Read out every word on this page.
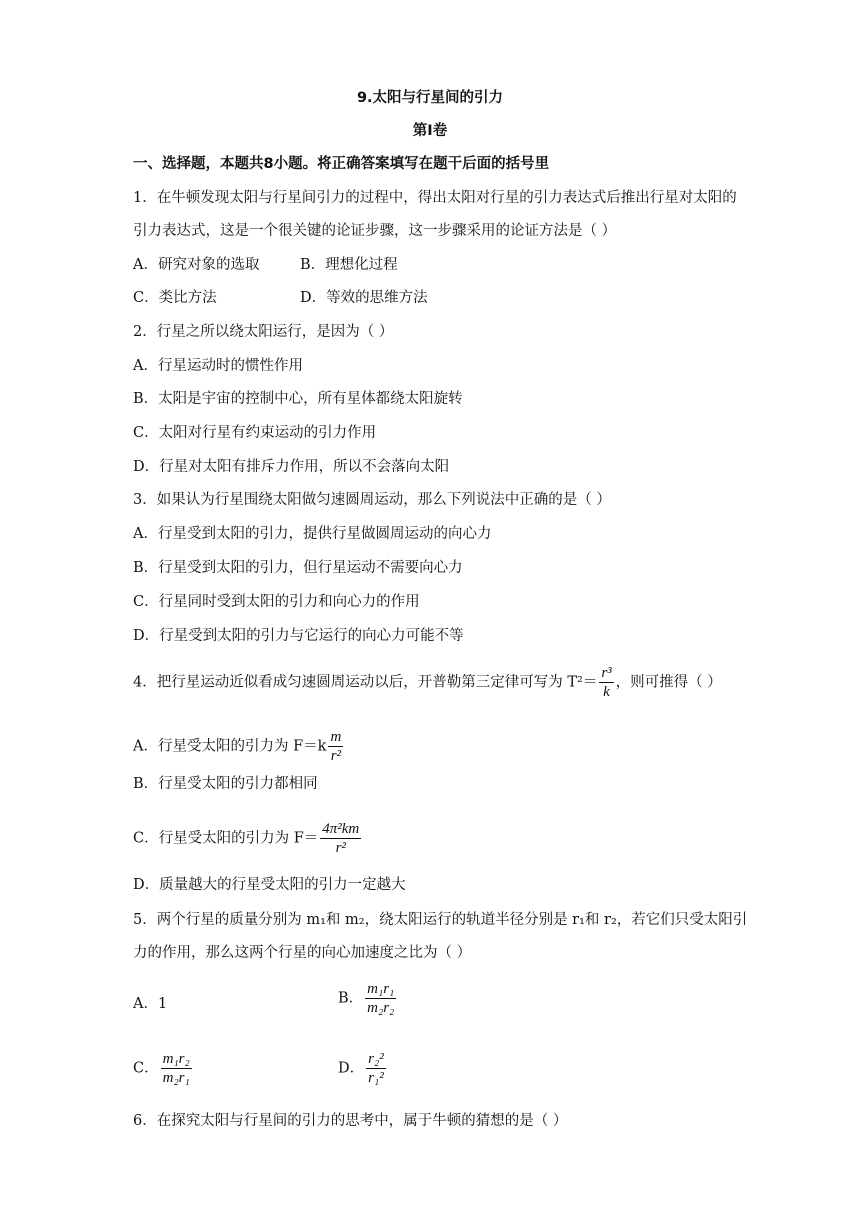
9.太阳与行星间的引力
第Ⅰ卷
一、选择题，本题共8小题。将正确答案填写在题干后面的括号里
1．在牛顿发现太阳与行星间引力的过程中，得出太阳对行星的引力表达式后推出行星对太阳的
引力表达式，这是一个很关键的论证步骤，这一步骤采用的论证方法是（ ）
A．研究对象的选取	B．理想化过程
C．类比方法	D．等效的思维方法
2．行星之所以绕太阳运行，是因为（ ）
A．行星运动时的惯性作用
B．太阳是宇宙的控制中心，所有星体都绕太阳旋转
C．太阳对行星有约束运动的引力作用
D．行星对太阳有排斥力作用，所以不会落向太阳
3．如果认为行星围绕太阳做匀速圆周运动，那么下列说法中正确的是（ ）
A．行星受到太阳的引力，提供行星做圆周运动的向心力
B．行星受到太阳的引力，但行星运动不需要向心力
C．行星同时受到太阳的引力和向心力的作用
D．行星受到太阳的引力与它运行的向心力可能不等
4．把行星运动近似看成匀速圆周运动以后，开普勒第三定律可写为 $T^2= \frac{\text{r³}}{k}$ ，则可推得（ ）
A．行星受太阳的引力为 $F=k \frac{m}{\text{r²}}$
B．行星受太阳的引力都相同
C．行星受太阳的引力为 $F= \frac{\text{4π²km}}{\text{r²}}$
D．质量越大的行星受太阳的引力一定越大
5．两个行星的质量分别为 m₁和 m₂，绕太阳运行的轨道半径分别是 r₁和 r₂，若它们只受太阳引
力的作用，那么这两个行星的向心加速度之比为（ ）
A．1	B． $\frac{\text{m₁r₁}}{\text{m₂r₂}}$
C． $\frac{\text{m₁r₂}}{\text{m₂r₁}}$	D． $\frac{\text{r₂²}}{\text{r₁²}}$
6．在探究太阳与行星间的引力的思考中，属于牛顿的猜想的是（ ）
